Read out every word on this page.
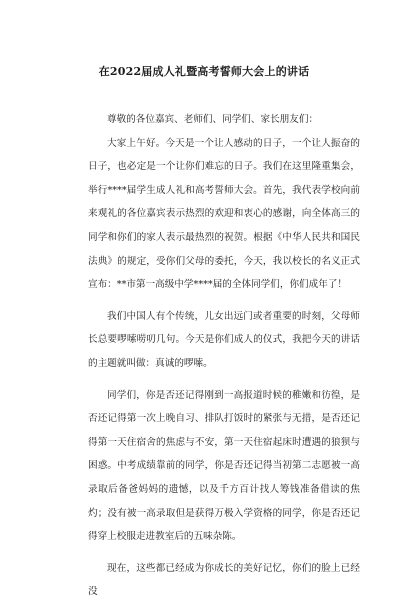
在2022届成人礼暨高考誓师大会上的讲话

尊敬的各位嘉宾、老师们、同学们、家长朋友们：

大家上午好。今天是一个让人感动的日子，一个让人振奋的日子，也必定是一个让你们难忘的日子。我们在这里隆重集会，举行****届学生成人礼和高考誓师大会。首先，我代表学校向前来观礼的各位嘉宾表示热烈的欢迎和衷心的感谢，向全体高三的同学和你们的家人表示最热烈的祝贺。根据《中华人民共和国民法典》的规定，受你们父母的委托，今天，我以校长的名义正式宣布：**市第一高级中学****届的全体同学们，你们成年了！

我们中国人有个传统，儿女出远门或者重要的时刻，父母师长总要啰嗦唠叨几句。今天是你们成人的仪式，我把今天的讲话的主题就叫做：真诚的啰嗦。

同学们，你是否还记得刚到一高报道时候的稚嫩和彷徨，是否还记得第一次上晚自习、排队打饭时的紧张与无措，是否还记得第一天住宿舍的焦虑与不安，第一天住宿起床时遭遇的狼狈与困惑。中考成绩靠前的同学，你是否还记得当初第二志愿被一高录取后备爸妈妈的遗憾，以及千方百计找人筹钱准备借读的焦灼；没有被一高录取但是获得万极入学资格的同学，你是否还记得穿上校服走进教室后的五味杂陈。

现在，这些都已经成为你成长的美好记忆，你们的脸上已经没
